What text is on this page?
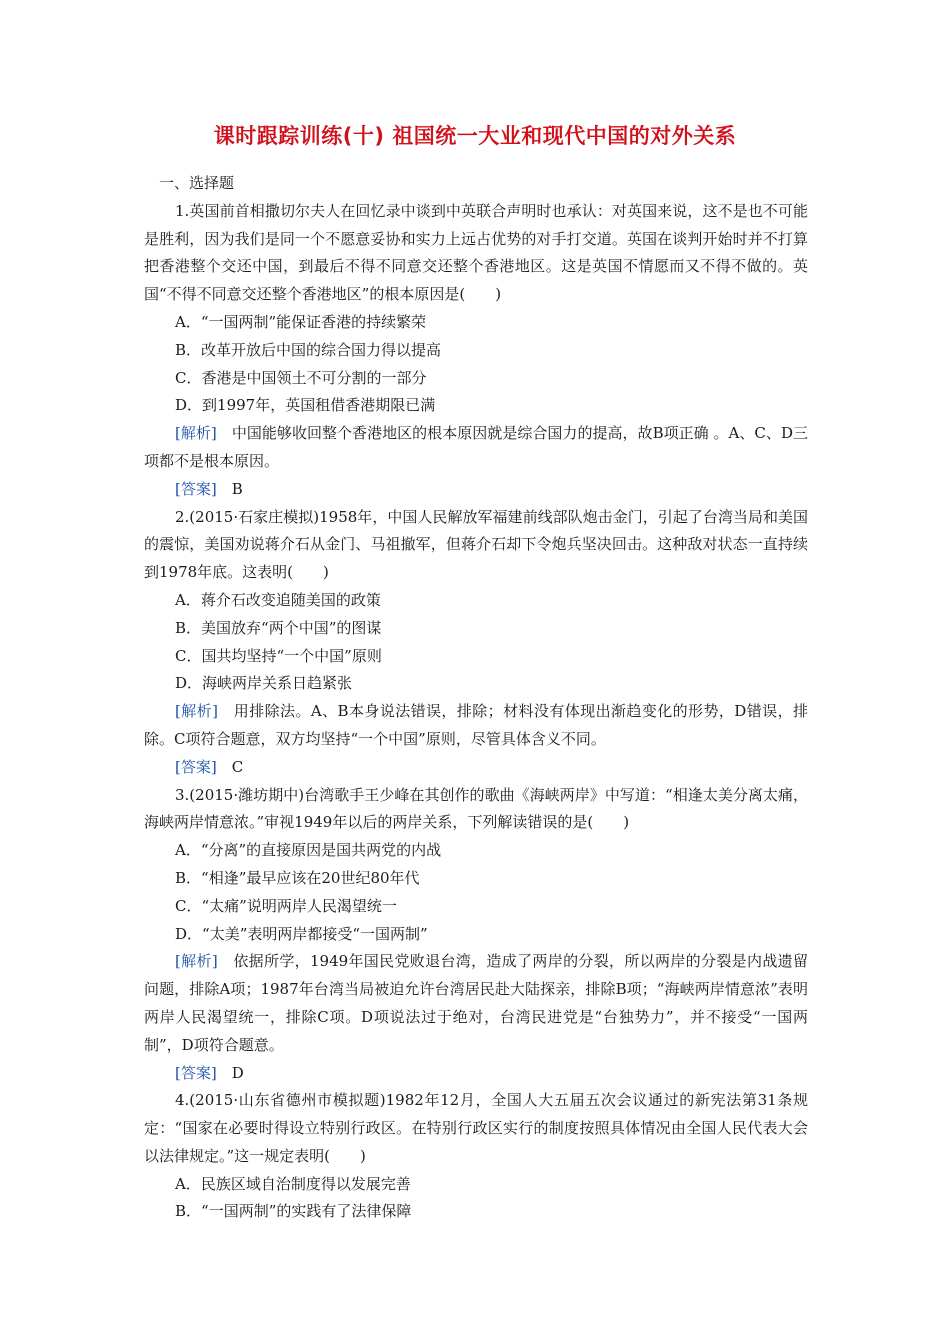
课时跟踪训练(十) 祖国统一大业和现代中国的对外关系

一、选择题

1.英国前首相撒切尔夫人在回忆录中谈到中英联合声明时也承认：对英国来说，这不是也不可能是胜利，因为我们是同一个不愿意妥协和实力上远占优势的对手打交道。英国在谈判开始时并不打算把香港整个交还中国，到最后不得不同意交还整个香港地区。这是英国不情愿而又不得不做的。英国“不得不同意交还整个香港地区”的根本原因是(　　)

A．“一国两制”能保证香港的持续繁荣

B．改革开放后中国的综合国力得以提高

C．香港是中国领土不可分割的一部分

D．到1997年，英国租借香港期限已满

[解析]　中国能够收回整个香港地区的根本原因就是综合国力的提高，故B项正确 。A、C、D三项都不是根本原因。

[答案]　B

2.(2015·石家庄模拟)1958年，中国人民解放军福建前线部队炮击金门，引起了台湾当局和美国的震惊，美国劝说蒋介石从金门、马祖撤军，但蒋介石却下令炮兵坚决回击。这种敌对状态一直持续到1978年底。这表明(　　)

A．蒋介石改变追随美国的政策

B．美国放弃“两个中国”的图谋

C．国共均坚持“一个中国”原则

D．海峡两岸关系日趋紧张

[解析]　用排除法。A、B本身说法错误，排除；材料没有体现出渐趋变化的形势，D错误，排除。C项符合题意，双方均坚持“一个中国”原则，尽管具体含义不同。

[答案]　C

3.(2015·潍坊期中)台湾歌手王少峰在其创作的歌曲《海峡两岸》中写道：“相逢太美分离太痛，海峡两岸情意浓。”审视1949年以后的两岸关系，下列解读错误的是(　　)

A．“分离”的直接原因是国共两党的内战

B．“相逢”最早应该在20世纪80年代

C．“太痛”说明两岸人民渴望统一

D．“太美”表明两岸都接受“一国两制”

[解析]　依据所学，1949年国民党败退台湾，造成了两岸的分裂，所以两岸的分裂是内战遗留问题，排除A项；1987年台湾当局被迫允许台湾居民赴大陆探亲，排除B项；“海峡两岸情意浓”表明两岸人民渴望统一，排除C项。D项说法过于绝对，台湾民进党是“台独势力”，并不接受“一国两制”，D项符合题意。

[答案]　D

4.(2015·山东省德州市模拟题)1982年12月，全国人大五届五次会议通过的新宪法第31条规定：“国家在必要时得设立特别行政区。在特别行政区实行的制度按照具体情况由全国人民代表大会以法律规定。”这一规定表明(　　)

A．民族区域自治制度得以发展完善

B．“一国两制”的实践有了法律保障
